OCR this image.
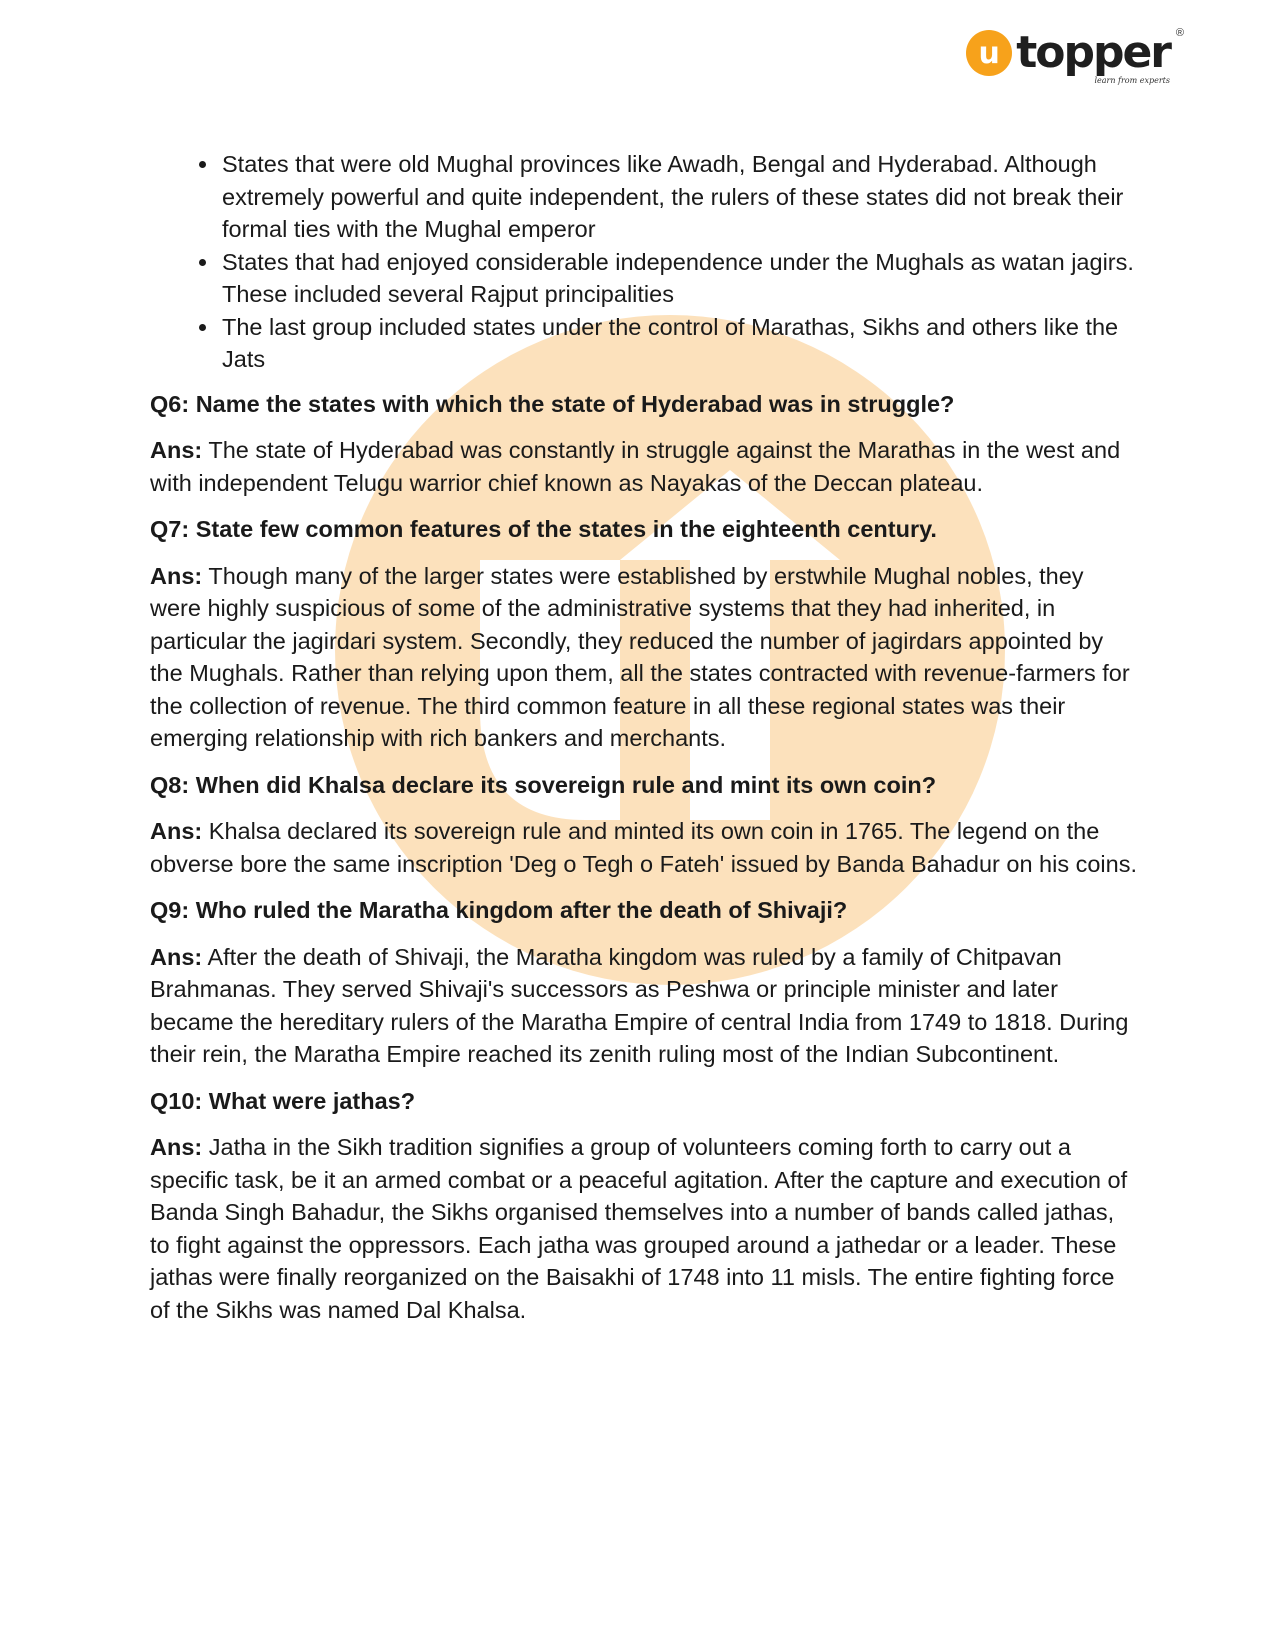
u topper ®
learn from experts
• States that were old Mughal provinces like Awadh, Bengal and Hyderabad. Although extremely powerful and quite independent, the rulers of these states did not break their formal ties with the Mughal emperor
• States that had enjoyed considerable independence under the Mughals as watan jagirs. These included several Rajput principalities
• The last group included states under the control of Marathas, Sikhs and others like the Jats

Q6: Name the states with which the state of Hyderabad was in struggle?

Ans: The state of Hyderabad was constantly in struggle against the Marathas in the west and with independent Telugu warrior chief known as Nayakas of the Deccan plateau.

Q7: State few common features of the states in the eighteenth century.

Ans: Though many of the larger states were established by erstwhile Mughal nobles, they were highly suspicious of some of the administrative systems that they had inherited, in particular the jagirdari system. Secondly, they reduced the number of jagirdars appointed by the Mughals. Rather than relying upon them, all the states contracted with revenue-farmers for the collection of revenue. The third common feature in all these regional states was their emerging relationship with rich bankers and merchants.

Q8: When did Khalsa declare its sovereign rule and mint its own coin?

Ans: Khalsa declared its sovereign rule and minted its own coin in 1765. The legend on the obverse bore the same inscription 'Deg o Tegh o Fateh' issued by Banda Bahadur on his coins.

Q9: Who ruled the Maratha kingdom after the death of Shivaji?

Ans: After the death of Shivaji, the Maratha kingdom was ruled by a family of Chitpavan Brahmanas. They served Shivaji's successors as Peshwa or principle minister and later became the hereditary rulers of the Maratha Empire of central India from 1749 to 1818. During their rein, the Maratha Empire reached its zenith ruling most of the Indian Subcontinent.

Q10: What were jathas?

Ans: Jatha in the Sikh tradition signifies a group of volunteers coming forth to carry out a specific task, be it an armed combat or a peaceful agitation. After the capture and execution of Banda Singh Bahadur, the Sikhs organised themselves into a number of bands called jathas, to fight against the oppressors. Each jatha was grouped around a jathedar or a leader. These jathas were finally reorganized on the Baisakhi of 1748 into 11 misls. The entire fighting force of the Sikhs was named Dal Khalsa.
